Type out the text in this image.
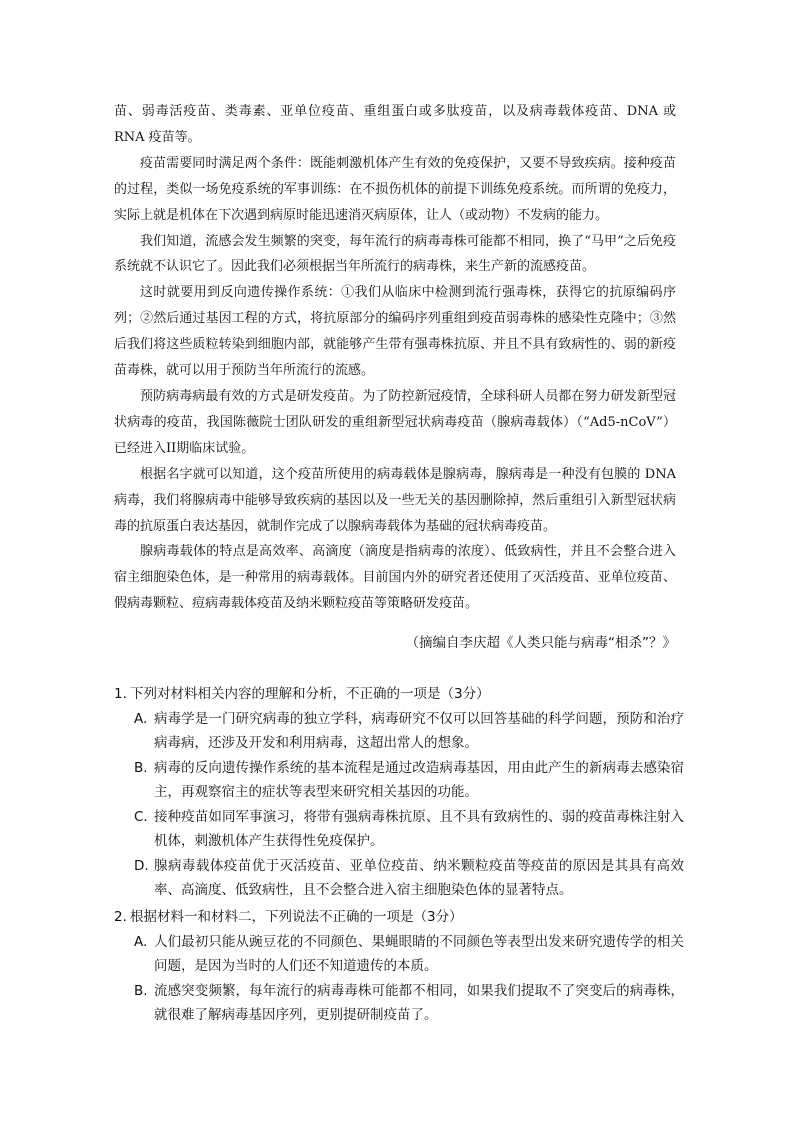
苗、弱毒活疫苗、类毒素、亚单位疫苗、重组蛋白或多肽疫苗，以及病毒载体疫苗、DNA 或 RNA 疫苗等。

疫苗需要同时满足两个条件：既能刺激机体产生有效的免疫保护，又要不导致疾病。接种疫苗的过程，类似一场免疫系统的军事训练：在不损伤机体的前提下训练免疫系统。而所谓的免疫力，实际上就是机体在下次遇到病原时能迅速消灭病原体，让人（或动物）不发病的能力。

我们知道，流感会发生频繁的突变，每年流行的病毒毒株可能都不相同，换了“马甲”之后免疫系统就不认识它了。因此我们必须根据当年所流行的病毒株，来生产新的流感疫苗。

这时就要用到反向遗传操作系统：①我们从临床中检测到流行强毒株，获得它的抗原编码序列；②然后通过基因工程的方式，将抗原部分的编码序列重组到疫苗弱毒株的感染性克隆中；③然后我们将这些质粒转染到细胞内部，就能够产生带有强毒株抗原、并且不具有致病性的、弱的新疫苗毒株，就可以用于预防当年所流行的流感。

预防病毒病最有效的方式是研发疫苗。为了防控新冠疫情，全球科研人员都在努力研发新型冠状病毒的疫苗，我国陈薇院士团队研发的重组新型冠状病毒疫苗（腺病毒载体）（“Ad5-nCoV”）已经进入II期临床试验。

根据名字就可以知道，这个疫苗所使用的病毒载体是腺病毒，腺病毒是一种没有包膜的 DNA 病毒，我们将腺病毒中能够导致疾病的基因以及一些无关的基因删除掉，然后重组引入新型冠状病毒的抗原蛋白表达基因，就制作完成了以腺病毒载体为基础的冠状病毒疫苗。

腺病毒载体的特点是高效率、高滴度（滴度是指病毒的浓度）、低致病性，并且不会整合进入宿主细胞染色体，是一种常用的病毒载体。目前国内外的研究者还使用了灭活疫苗、亚单位疫苗、假病毒颗粒、痘病毒载体疫苗及纳米颗粒疫苗等策略研发疫苗。

（摘编自李庆超《人类只能与病毒“相杀”？》
1. 下列对材料相关内容的理解和分析，不正确的一项是（3分）
A. 病毒学是一门研究病毒的独立学科，病毒研究不仅可以回答基础的科学问题，预防和治疗病毒病，还涉及开发和利用病毒，这超出常人的想象。
B. 病毒的反向遗传操作系统的基本流程是通过改造病毒基因，用由此产生的新病毒去感染宿主，再观察宿主的症状等表型来研究相关基因的功能。
C. 接种疫苗如同军事演习，将带有强病毒株抗原、且不具有致病性的、弱的疫苗毒株注射入机体，刺激机体产生获得性免疫保护。
D. 腺病毒载体疫苗优于灭活疫苗、亚单位疫苗、纳米颗粒疫苗等疫苗的原因是其具有高效率、高滴度、低致病性，且不会整合进入宿主细胞染色体的显著特点。
2. 根据材料一和材料二，下列说法不正确的一项是（3分）
A. 人们最初只能从豌豆花的不同颜色、果蝇眼睛的不同颜色等表型出发来研究遗传学的相关问题，是因为当时的人们还不知道遗传的本质。
B. 流感突变频繁，每年流行的病毒毒株可能都不相同，如果我们提取不了突变后的病毒株，就很难了解病毒基因序列，更别提研制疫苗了。
